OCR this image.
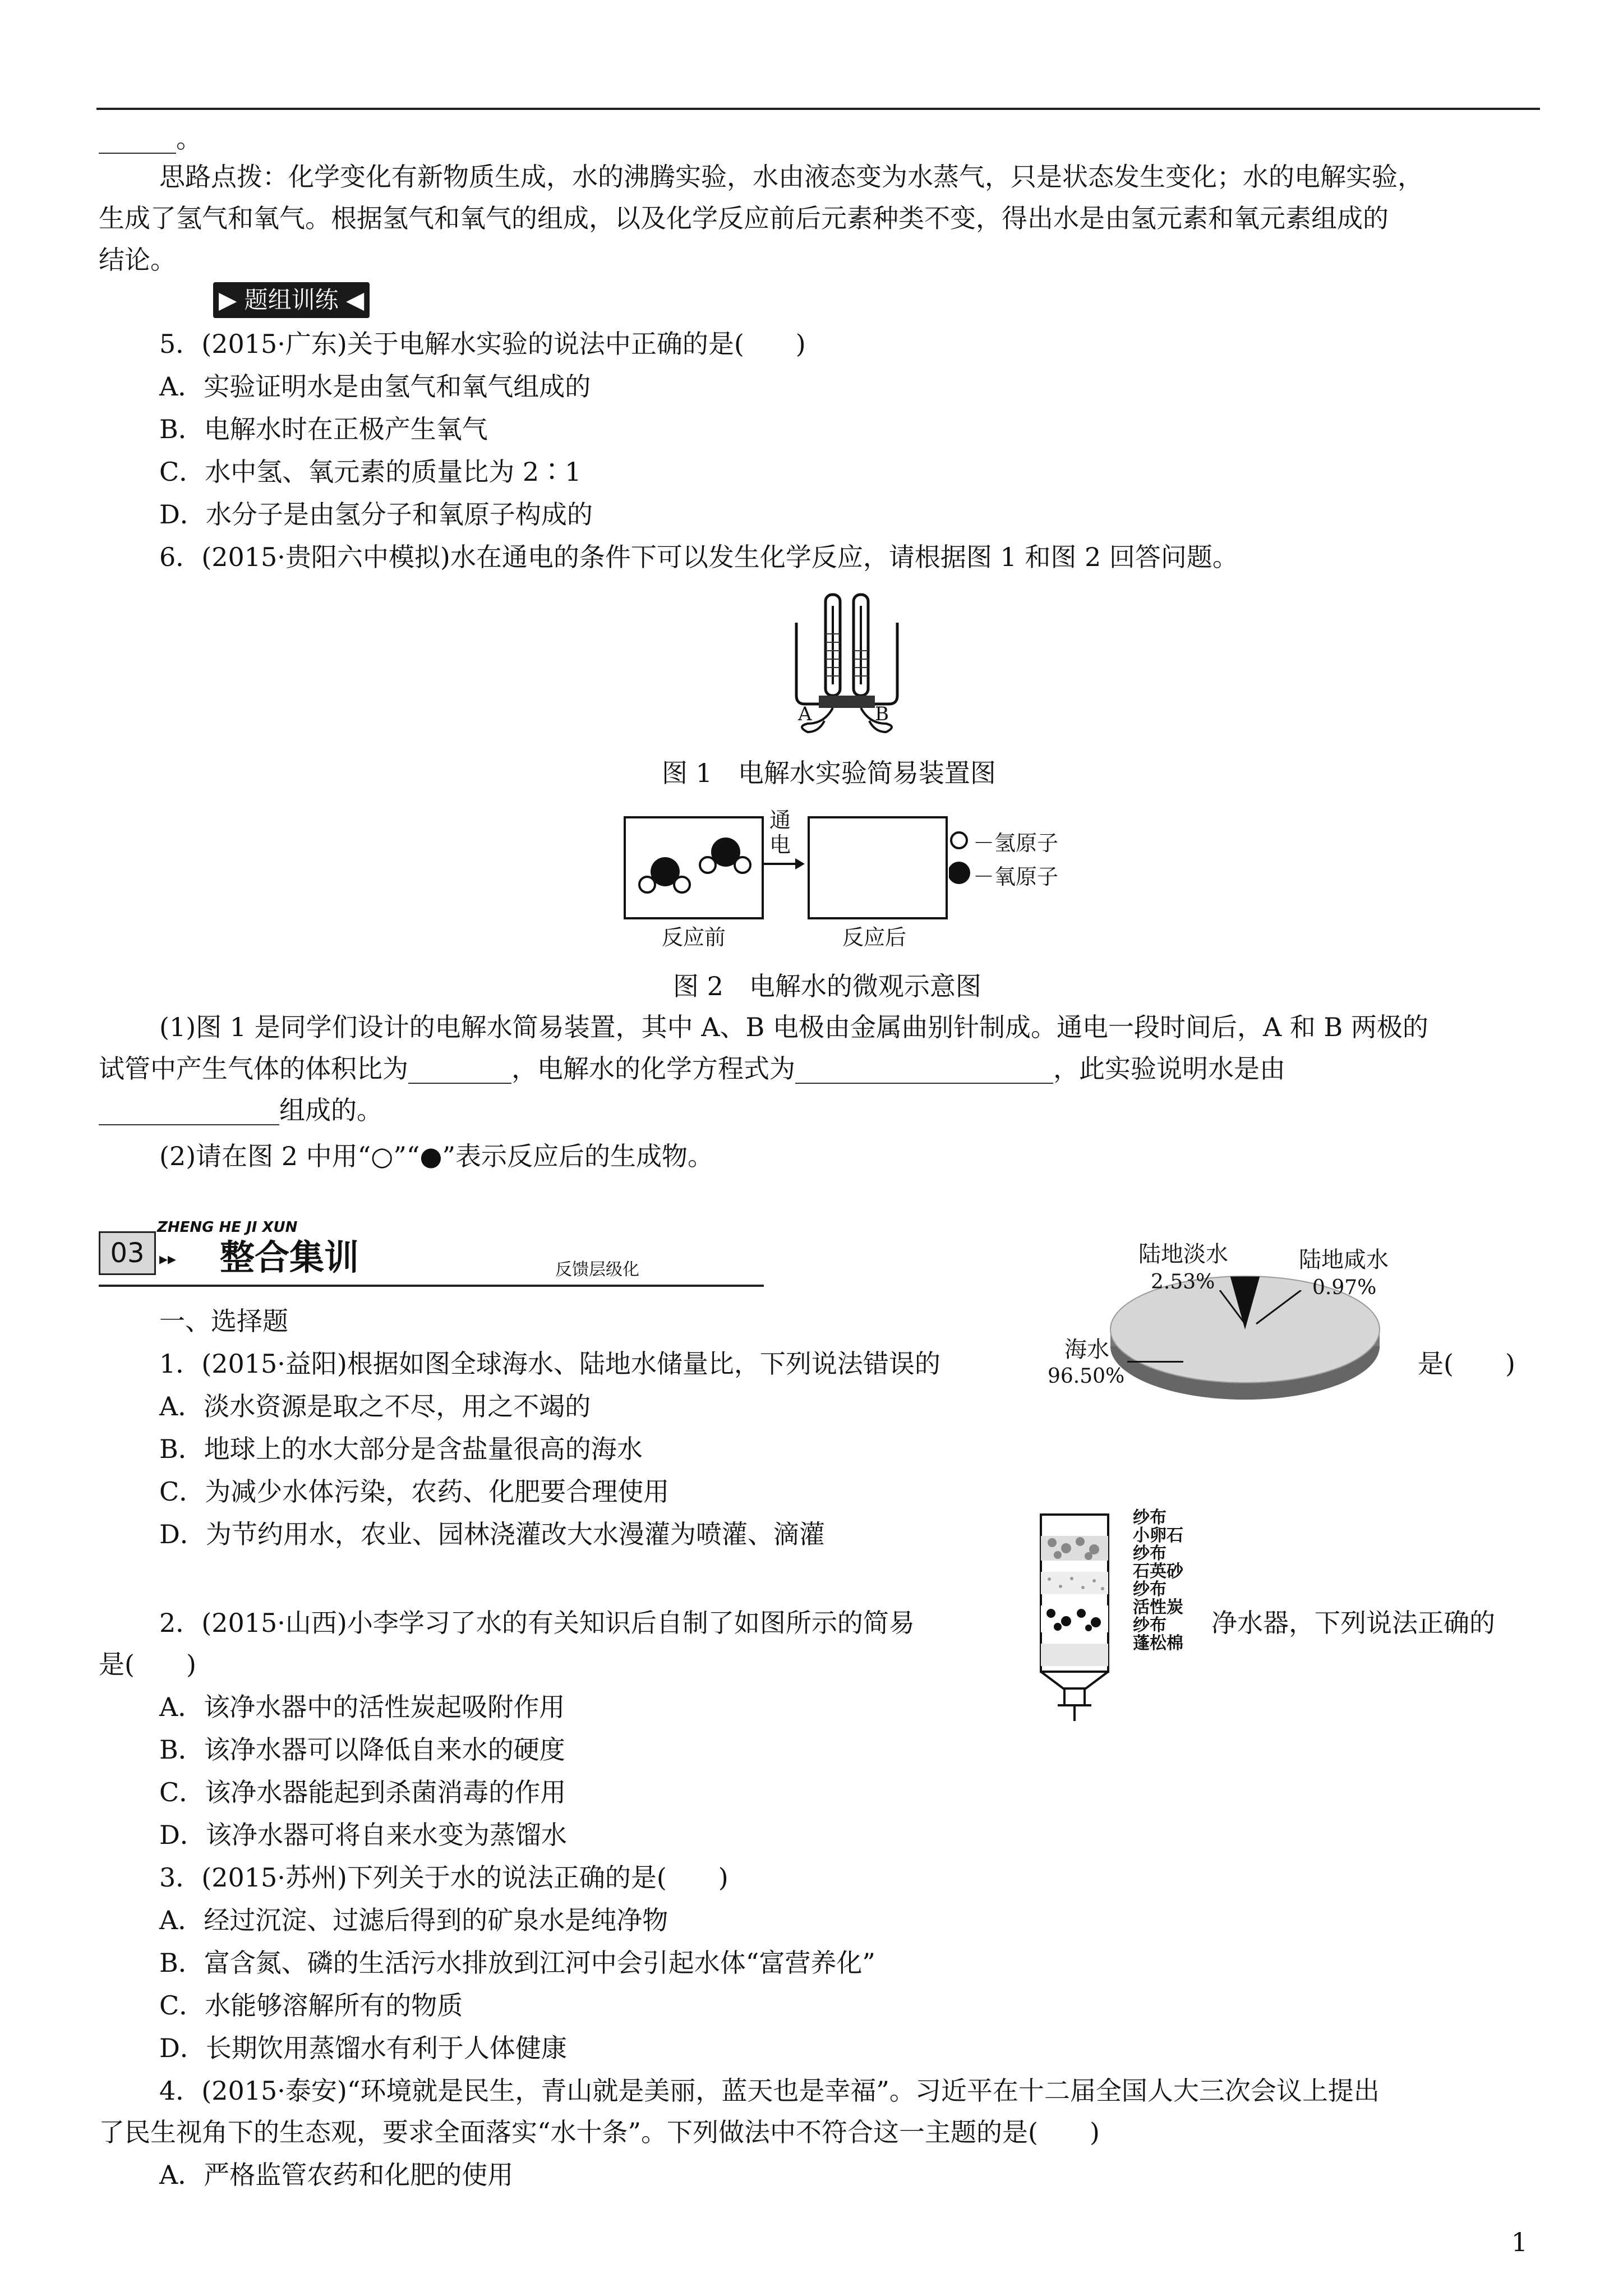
______。
思路点拨：化学变化有新物质生成，水的沸腾实验，水由液态变为水蒸气，只是状态发生变化；水的电解实验，
生成了氢气和氧气。根据氢气和氧气的组成，以及化学反应前后元素种类不变，得出水是由氢元素和氧元素组成的
结论。
▶ 题组训练 ◀
5．(2015·广东)关于电解水实验的说法中正确的是(　　)
A．实验证明水是由氢气和氧气组成的
B．电解水时在正极产生氧气
C．水中氢、氧元素的质量比为 2∶1
D．水分子是由氢分子和氧原子构成的
6．(2015·贵阳六中模拟)水在通电的条件下可以发生化学反应，请根据图 1 和图 2 回答问题。
A	B
图 1　电解水实验简易装置图
通电
反应前	反应后
－氢原子
－氧原子
图 2　电解水的微观示意图
(1)图 1 是同学们设计的电解水简易装置，其中 A、B 电极由金属曲别针制成。通电一段时间后，A 和 B 两极的
试管中产生气体的体积比为________，电解水的化学方程式为____________________，此实验说明水是由
______________组成的。
(2)请在图 2 中用“○”“●”表示反应后的生成物。
03
ZHENG HE JI XUN
▸▸ 整合集训	反馈层级化
一、选择题
陆地淡水
2.53%
陆地咸水
0.97%
海水
96.50%
1．(2015·益阳)根据如图全球海水、陆地水储量比，下列说法错误的	是(　　)
A．淡水资源是取之不尽，用之不竭的
B．地球上的水大部分是含盐量很高的海水
C．为减少水体污染，农药、化肥要合理使用
D．为节约用水，农业、园林浇灌改大水漫灌为喷灌、滴灌
纱布
小卵石
纱布
石英砂
纱布
活性炭
纱布
蓬松棉
2．(2015·山西)小李学习了水的有关知识后自制了如图所示的简易	净水器，下列说法正确的
是(　　)
A．该净水器中的活性炭起吸附作用
B．该净水器可以降低自来水的硬度
C．该净水器能起到杀菌消毒的作用
D．该净水器可将自来水变为蒸馏水
3．(2015·苏州)下列关于水的说法正确的是(　　)
A．经过沉淀、过滤后得到的矿泉水是纯净物
B．富含氮、磷的生活污水排放到江河中会引起水体“富营养化”
C．水能够溶解所有的物质
D．长期饮用蒸馏水有利于人体健康
4．(2015·泰安)“环境就是民生，青山就是美丽，蓝天也是幸福”。习近平在十二届全国人大三次会议上提出
了民生视角下的生态观，要求全面落实“水十条”。下列做法中不符合这一主题的是(　　)
A．严格监管农药和化肥的使用
1
